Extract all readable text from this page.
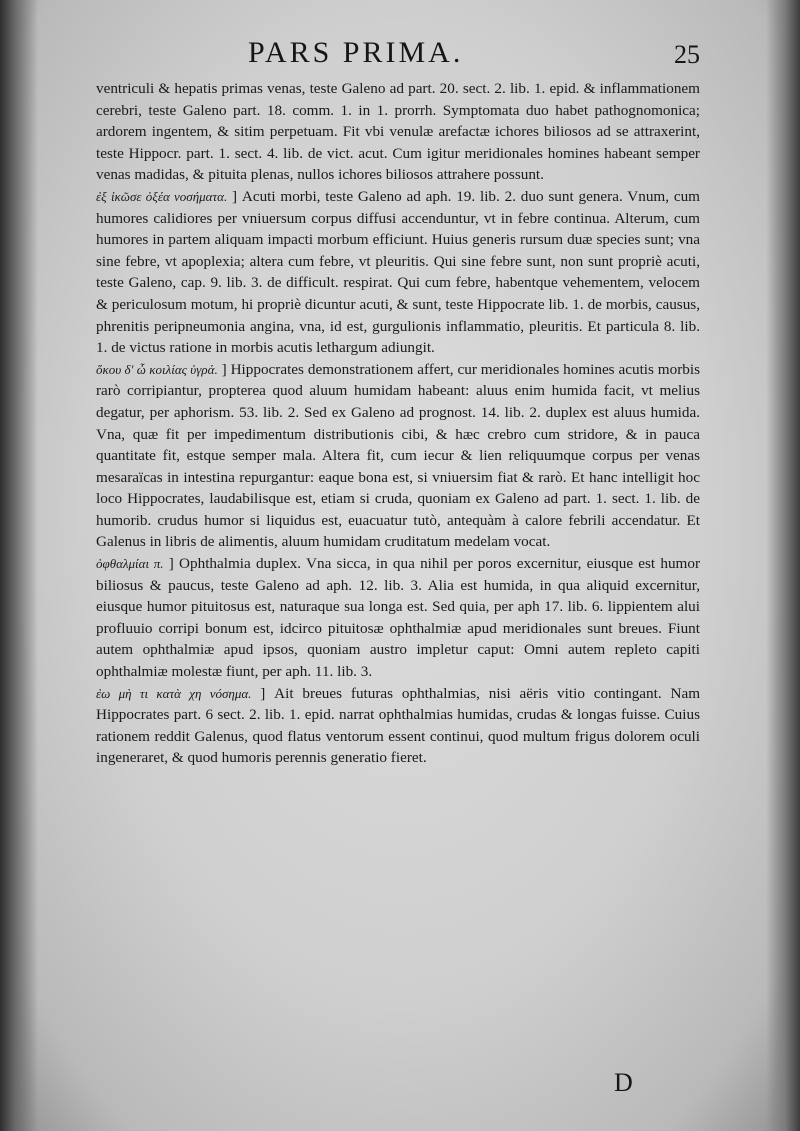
PARS PRIMA.	25

ventriculi & hepatis primas venas, teste Galeno ad part. 20. sect. 2. lib. 1. epid. & inflammationem cerebri, teste Galeno part. 18. comm. 1. in 1. prorrh. Symptomata duo habet pathognomonica; ardorem ingentem, & sitim perpetuam. Fit vbi venulæ arefactæ ichores biliosos ad se attraxerint, teste Hippocr. part. 1. sect. 4. lib. de vict. acut. Cum igitur meridionales homines habeant semper venas madidas, & pituita plenas, nullos ichores biliosos attrahere possunt.

ἐξ ἰκῶσε ὀξέα νοσήματα. ] Acuti morbi, teste Galeno ad aph. 19. lib. 2. duo sunt genera. Vnum, cum humores calidiores per vniuersum corpus diffusi accenduntur, vt in febre continua. Alterum, cum humores in partem aliquam impacti morbum efficiunt. Huius generis rursum duæ species sunt; vna sine febre, vt apoplexia; altera cum febre, vt pleuritis. Qui sine febre sunt, non sunt propriè acuti, teste Galeno, cap. 9. lib. 3. de difficult. respirat. Qui cum febre, habentque vehementem, velocem & periculosum motum, hi propriè dicuntur acuti, & sunt, teste Hippocrate lib. 1. de morbis, causus, phrenitis peripneumonia angina, vna, id est, gurgulionis inflammatio, pleuritis. Et particula 8. lib. 1. de victus ratione in morbis acutis lethargum adiungit.

ὅκου δ' ὦ κοιλίας ὑγρά. ] Hippocrates demonstrationem affert, cur meridionales homines acutis morbis rarò corripiantur, propterea quod aluum humidam habeant: aluus enim humida facit, vt melius degatur, per aphorism. 53. lib. 2. Sed ex Galeno ad prognost. 14. lib. 2. duplex est aluus humida. Vna, quæ fit per impedimentum distributionis cibi, & hæc crebro cum stridore, & in pauca quantitate fit, estque semper mala. Altera fit, cum iecur & lien reliquumque corpus per venas mesaraïcas in intestina repurgantur: eaque bona est, si vniuersim fiat & rarò. Et hanc intelligit hoc loco Hippocrates, laudabilisque est, etiam si cruda, quoniam ex Galeno ad part. 1. sect. 1. lib. de humorib. crudus humor si liquidus est, euacuatur tutò, antequàm à calore febrili accendatur. Et Galenus in libris de alimentis, aluum humidam cruditatum medelam vocat.

ὀφθαλμίαι π. ] Ophthalmia duplex. Vna sicca, in qua nihil per poros excernitur, eiusque est humor biliosus & paucus, teste Galeno ad aph. 12. lib. 3. Alia est humida, in qua aliquid excernitur, eiusque humor pituitosus est, naturaque sua longa est. Sed quia, per aph 17. lib. 6. lippientem alui profluuio corripi bonum est, idcirco pituitosæ ophthalmiæ apud meridionales sunt breues. Fiunt autem ophthalmiæ apud ipsos, quoniam austro impletur caput: Omni autem repleto capiti ophthalmiæ molestæ fiunt, per aph. 11. lib. 3.

ἐω μὴ τι κατὰ χη νόσημα. ] Ait breues futuras ophthalmias, nisi aëris vitio contingant. Nam Hippocrates part. 6 sect. 2. lib. 1. epid. narrat ophthalmias humidas, crudas & longas fuisse. Cuius rationem reddit Galenus, quod flatus ventorum essent continui, quod multum frigus dolorem oculi ingeneraret, & quod humoris perennis generatio fieret.

D
